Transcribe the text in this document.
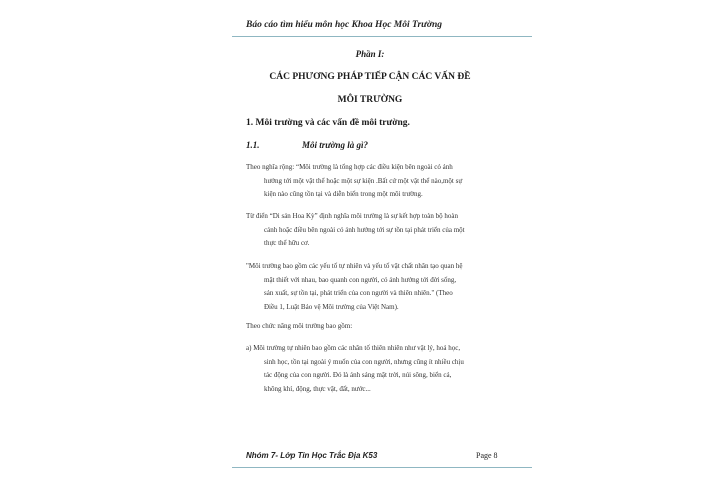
Báo cáo tìm hiểu môn học Khoa Học Môi Trường
Phần I:
CÁC PHƯƠNG PHÁP TIẾP CẬN CÁC VẤN ĐỀ
MÔI TRƯỜNG
1. Môi trường và các vấn đề môi trường.
1.1.	Môi trường là gì?
Theo nghĩa rộng: “Môi trường là tổng hợp các điều kiện bên ngoài có ảnh
hưởng tới một vật thể hoặc một sự kiện .Bất cứ một vật thể nào,một sự
kiện nào cũng tồn tại và diễn biến trong một môi trường.
Từ điển “Di sản Hoa Kỳ” định nghĩa môi trường là sự kết hợp toàn bộ hoàn
cảnh hoặc điều bên ngoài có ảnh hưởng tới sự tồn tại phát triển của một
thực thể hữu cơ.
"Môi trường bao gồm các yếu tố tự nhiên và yếu tố vật chất nhân tạo quan hệ
mật thiết với nhau, bao quanh con người, có ảnh hưởng tới đời sống,
sản xuất, sự tồn tại, phát triển của con người và thiên nhiên." (Theo
Điều 1, Luật Bảo vệ Môi trường của Việt Nam).
Theo chức năng môi trường bao gồm:
a) Môi trường tự nhiên bao gồm các nhân tố thiên nhiên như vật lý, hoá học,
sinh học, tồn tại ngoài ý muốn của con người, nhưng cũng ít nhiều chịu
tác động của con người. Đó là ánh sáng mặt trời, núi sông, biển cả,
không khí, động, thực vật, đất, nước...
Nhóm 7- Lớp Tin Học Trắc Địa K53	Page 8
